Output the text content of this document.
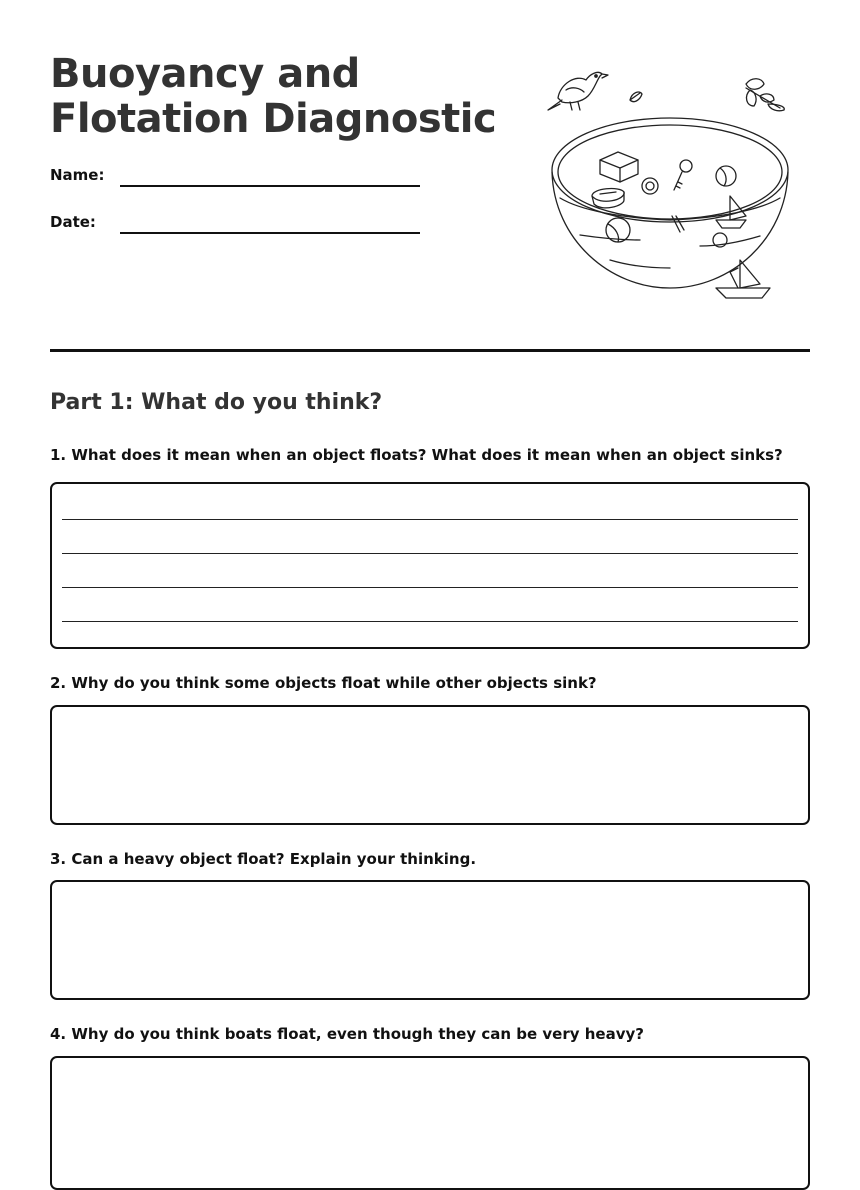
Buoyancy and Flotation Diagnostic
Name:
Date:
Part 1: What do you think?

1. What does it mean when an object floats? What does it mean when an object sinks?

2. Why do you think some objects float while other objects sink?

3. Can a heavy object float? Explain your thinking.

4. Why do you think boats float, even though they can be very heavy?
